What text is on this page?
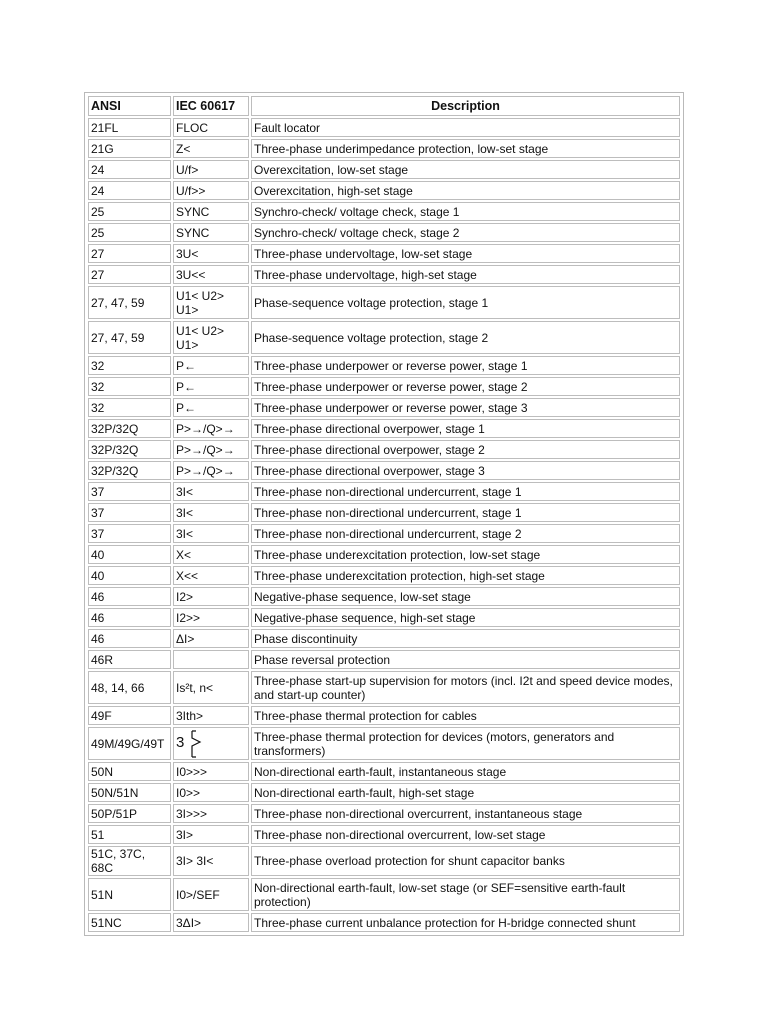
ANSI	IEC 60617	Description
21FL	FLOC	Fault locator
21G	Z<	Three-phase underimpedance protection, low-set stage
24	U/f>	Overexcitation, low-set stage
24	U/f>>	Overexcitation, high-set stage
25	SYNC	Synchro-check/ voltage check, stage 1
25	SYNC	Synchro-check/ voltage check, stage 2
27	3U<	Three-phase undervoltage, low-set stage
27	3U<<	Three-phase undervoltage, high-set stage
27, 47, 59	U1< U2> U1>	Phase-sequence voltage protection, stage 1
27, 47, 59	U1< U2> U1>	Phase-sequence voltage protection, stage 2
32	P←	Three-phase underpower or reverse power, stage 1
32	P←	Three-phase underpower or reverse power, stage 2
32	P←	Three-phase underpower or reverse power, stage 3
32P/32Q	P>→/Q>→	Three-phase directional overpower, stage 1
32P/32Q	P>→/Q>→	Three-phase directional overpower, stage 2
32P/32Q	P>→/Q>→	Three-phase directional overpower, stage 3
37	3I<	Three-phase non-directional undercurrent, stage 1
37	3I<	Three-phase non-directional undercurrent, stage 1
37	3I<	Three-phase non-directional undercurrent, stage 2
40	X<	Three-phase underexcitation protection, low-set stage
40	X<<	Three-phase underexcitation protection, high-set stage
46	I2>	Negative-phase sequence, low-set stage
46	I2>>	Negative-phase sequence, high-set stage
46	ΔI>	Phase discontinuity
46R		Phase reversal protection
48, 14, 66	Is²t, n<	Three-phase start-up supervision for motors (incl. I2t and speed device modes, and start-up counter)
49F	3Ith>	Three-phase thermal protection for cables
49M/49G/49T	3	Three-phase thermal protection for devices (motors, generators and transformers)
50N	I0>>>	Non-directional earth-fault, instantaneous stage
50N/51N	I0>>	Non-directional earth-fault, high-set stage
50P/51P	3I>>>	Three-phase non-directional overcurrent, instantaneous stage
51	3I>	Three-phase non-directional overcurrent, low-set stage
51C, 37C, 68C	3I> 3I<	Three-phase overload protection for shunt capacitor banks
51N	I0>/SEF	Non-directional earth-fault, low-set stage (or SEF=sensitive earth-fault protection)
51NC	3ΔI>	Three-phase current unbalance protection for H-bridge connected shunt
